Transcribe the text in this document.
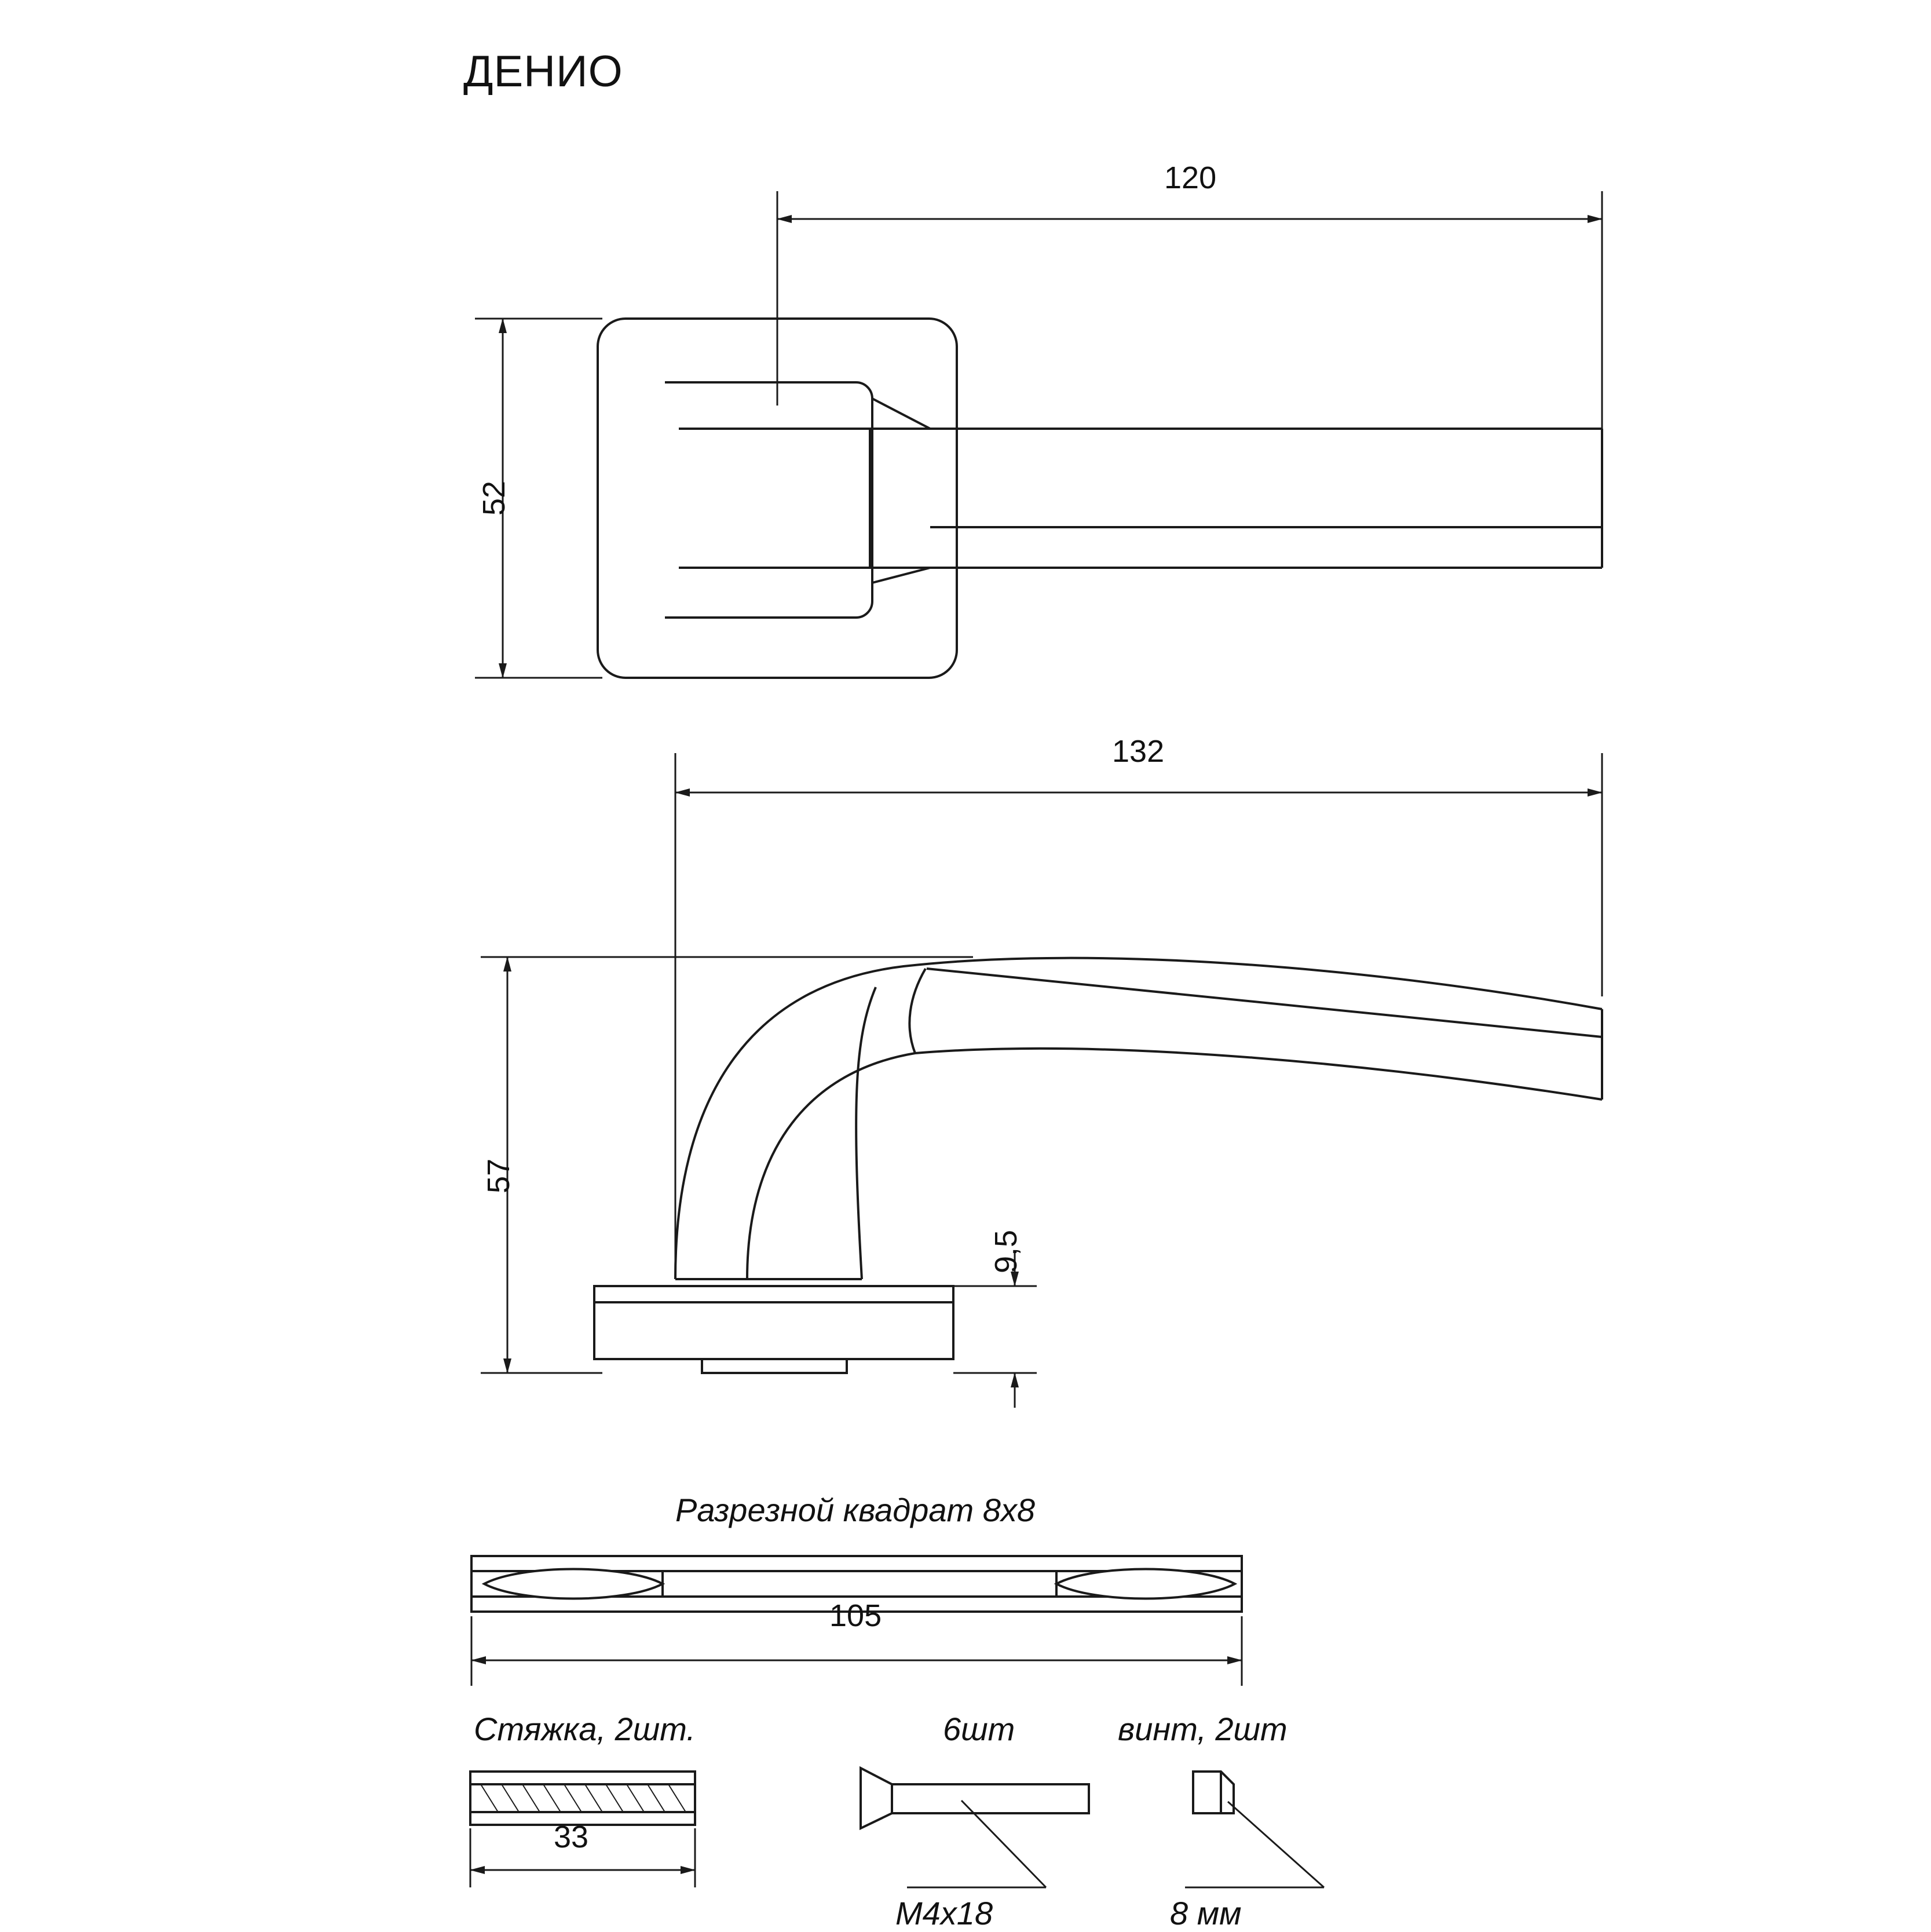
ДЕНИО
120
52
132
57
9,5
Разрезной квадрат 8х8
105
Стяжка, 2шт.
33
6шт
M4x18
винт, 2шт
8 мм
